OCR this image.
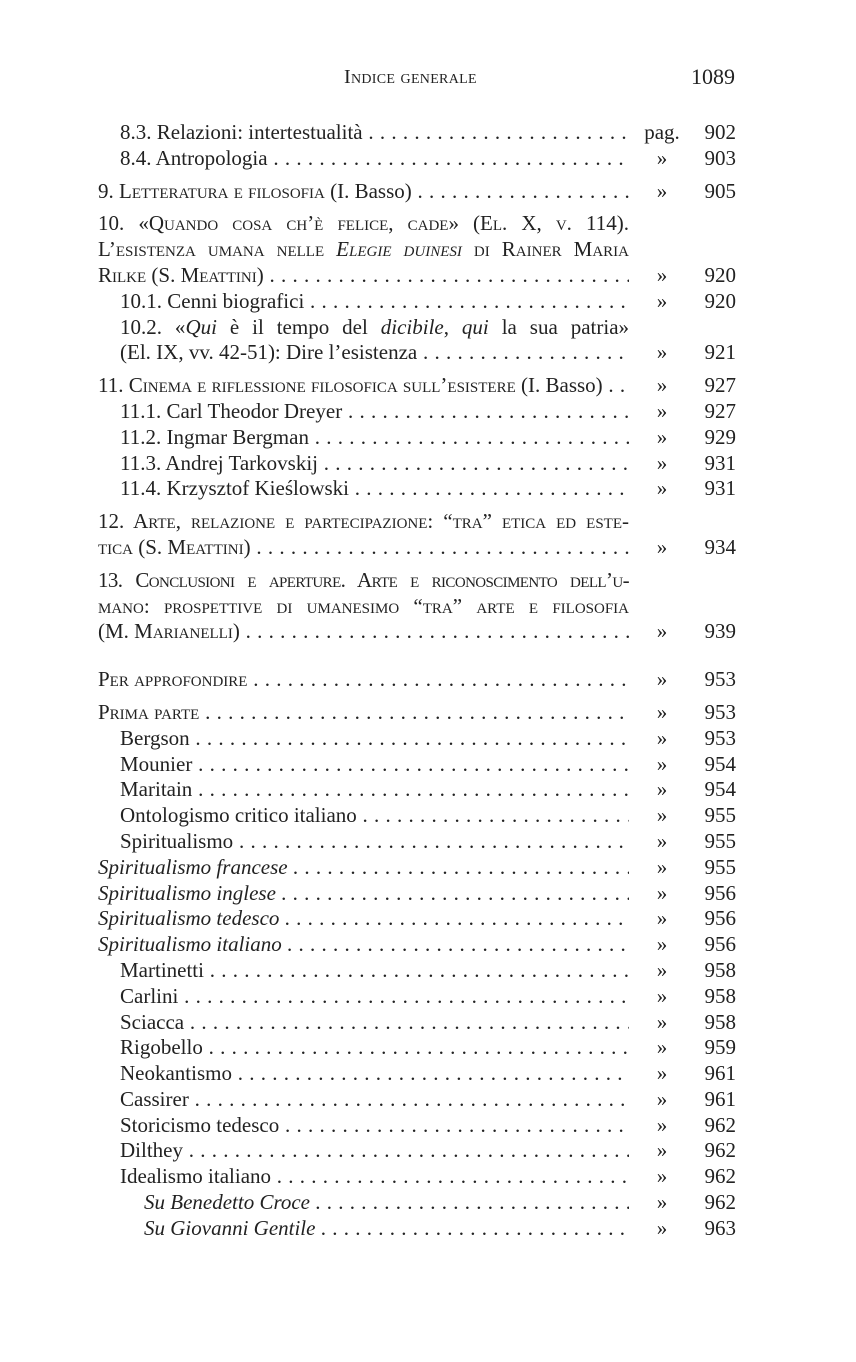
Indice generale	1089
8.3. Relazioni: intertestualità . . .	pag.	902
8.4. Antropologia . . .	»	903
9. Letteratura e filosofia (I. Basso) . . .	»	905
10. «Quando cosa ch’è felice, cade» (El. X, v. 114).
L’esistenza umana nelle Elegie duinesi di Rainer Maria
Rilke (S. Meattini) . . .	»	920
10.1. Cenni biografici . . .	»	920
10.2. «Qui è il tempo del dicibile, qui la sua patria»
(El. IX, vv. 42-51): Dire l’esistenza . . .	»	921
11. Cinema e riflessione filosofica sull’esistere (I. Basso) . . .	»	927
11.1. Carl Theodor Dreyer . . .	»	927
11.2. Ingmar Bergman . . .	»	929
11.3. Andrej Tarkovskij . . .	»	931
11.4. Krzysztof Kieślowski . . .	»	931
12. Arte, relazione e partecipazione: “tra” etica ed este-
tica (S. Meattini) . . .	»	934
13. Conclusioni e aperture. Arte e riconoscimento dell’u-
mano: prospettive di umanesimo “tra” arte e filosofia
(M. Marianelli) . . .	»	939
Per approfondire . . .	»	953
Prima parte . . .	»	953
Bergson . . .	»	953
Mounier . . .	»	954
Maritain . . .	»	954
Ontologismo critico italiano . . .	»	955
Spiritualismo . . .	»	955
Spiritualismo francese . . .	»	955
Spiritualismo inglese . . .	»	956
Spiritualismo tedesco . . .	»	956
Spiritualismo italiano . . .	»	956
Martinetti . . .	»	958
Carlini . . .	»	958
Sciacca . . .	»	958
Rigobello . . .	»	959
Neokantismo . . .	»	961
Cassirer . . .	»	961
Storicismo tedesco . . .	»	962
Dilthey . . .	»	962
Idealismo italiano . . .	»	962
Su Benedetto Croce . . .	»	962
Su Giovanni Gentile . . .	»	963
